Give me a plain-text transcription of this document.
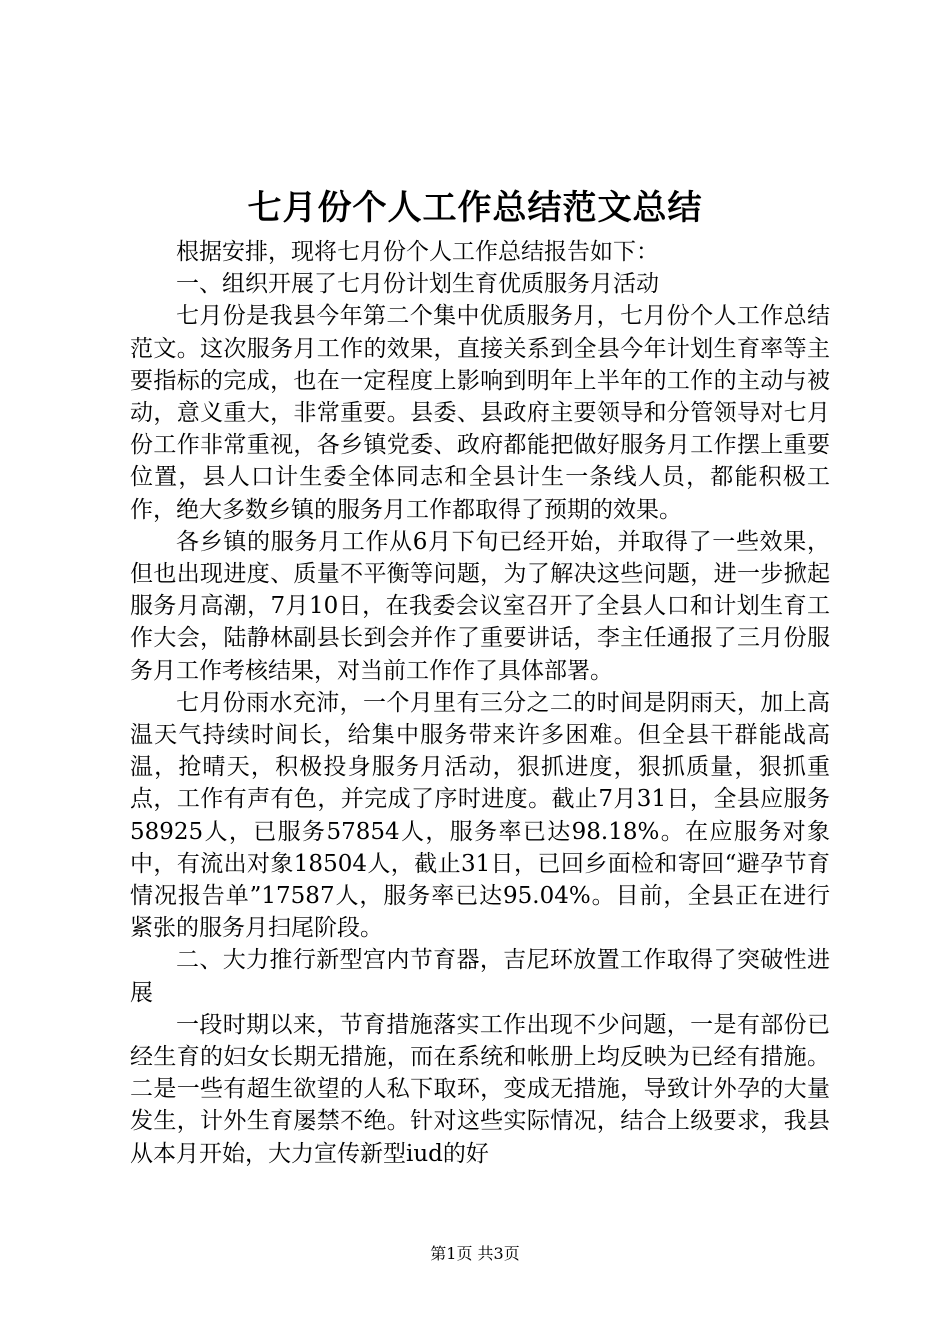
七月份个人工作总结范文总结

根据安排，现将七月份个人工作总结报告如下：

一、组织开展了七月份计划生育优质服务月活动

七月份是我县今年第二个集中优质服务月，七月份个人工作总结范文。这次服务月工作的效果，直接关系到全县今年计划生育率等主要指标的完成，也在一定程度上影响到明年上半年的工作的主动与被动，意义重大，非常重要。县委、县政府主要领导和分管领导对七月份工作非常重视，各乡镇党委、政府都能把做好服务月工作摆上重要位置，县人口计生委全体同志和全县计生一条线人员，都能积极工作，绝大多数乡镇的服务月工作都取得了预期的效果。

各乡镇的服务月工作从6月下旬已经开始，并取得了一些效果，但也出现进度、质量不平衡等问题，为了解决这些问题，进一步掀起服务月高潮，7月10日，在我委会议室召开了全县人口和计划生育工作大会，陆静林副县长到会并作了重要讲话，李主任通报了三月份服务月工作考核结果，对当前工作作了具体部署。

七月份雨水充沛，一个月里有三分之二的时间是阴雨天，加上高温天气持续时间长，给集中服务带来许多困难。但全县干群能战高温，抢晴天，积极投身服务月活动，狠抓进度，狠抓质量，狠抓重点，工作有声有色，并完成了序时进度。截止7月31日，全县应服务58925人，已服务57854人，服务率已达98.18%。在应服务对象中，有流出对象18504人，截止31日，已回乡面检和寄回“避孕节育情况报告单”17587人，服务率已达95.04%。目前，全县正在进行紧张的服务月扫尾阶段。

二、大力推行新型宫内节育器，吉尼环放置工作取得了突破性进展

一段时期以来，节育措施落实工作出现不少问题，一是有部份已经生育的妇女长期无措施，而在系统和帐册上均反映为已经有措施。二是一些有超生欲望的人私下取环，变成无措施，导致计外孕的大量发生，计外生育屡禁不绝。针对这些实际情况，结合上级要求，我县从本月开始，大力宣传新型iud的好

第1页 共3页
